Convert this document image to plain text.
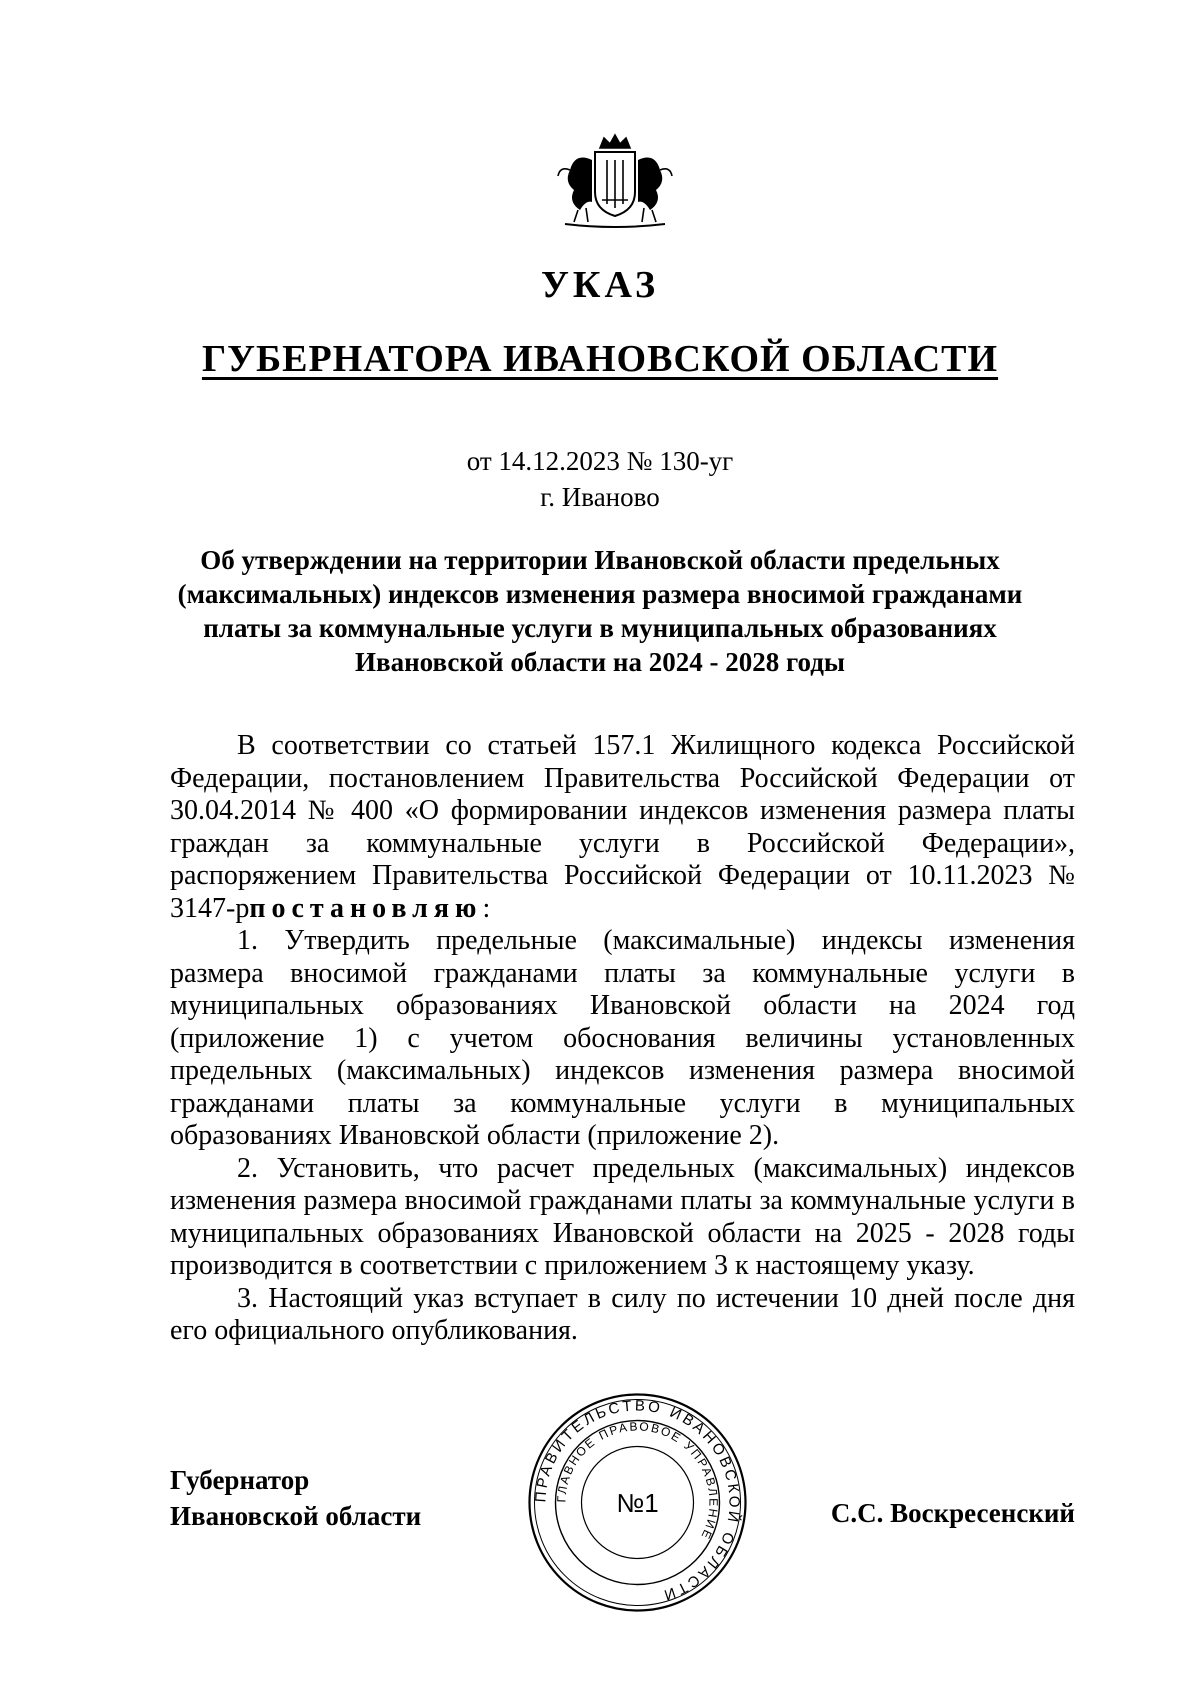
УКАЗ
ГУБЕРНАТОРА ИВАНОВСКОЙ ОБЛАСТИ
от 14.12.2023 № 130-уг
г. Иваново

Об утверждении на территории Ивановской области предельных (максимальных) индексов изменения размера вносимой гражданами платы за коммунальные услуги в муниципальных образованиях Ивановской области на 2024 - 2028 годы

В соответствии со статьей 157.1 Жилищного кодекса Российской Федерации, постановлением Правительства Российской Федерации от 30.04.2014 № 400 «О формировании индексов изменения размера платы граждан за коммунальные услуги в Российской Федерации», распоряжением Правительства Российской Федерации от 10.11.2023 № 3147-рпостановляю:

1. Утвердить предельные (максимальные) индексы изменения размера вносимой гражданами платы за коммунальные услуги в муниципальных образованиях Ивановской области на 2024 год (приложение 1) с учетом обоснования величины установленных предельных (максимальных) индексов изменения размера вносимой гражданами платы за коммунальные услуги в муниципальных образованиях Ивановской области (приложение 2).

2. Установить, что расчет предельных (максимальных) индексов изменения размера вносимой гражданами платы за коммунальные услуги в муниципальных образованиях Ивановской области на 2025 - 2028 годы производится в соответствии с приложением 3 к настоящему указу.

3. Настоящий указ вступает в силу по истечении 10 дней после дня его официального опубликования.

Губернатор
Ивановской области
ПРАВИТЕЛЬСТВО ИВАНОВСКОЙ ОБЛАСТИ
ГЛАВНОЕ ПРАВОВОЕ УПРАВЛЕНИЕ
№1	С.С. Воскресенский
